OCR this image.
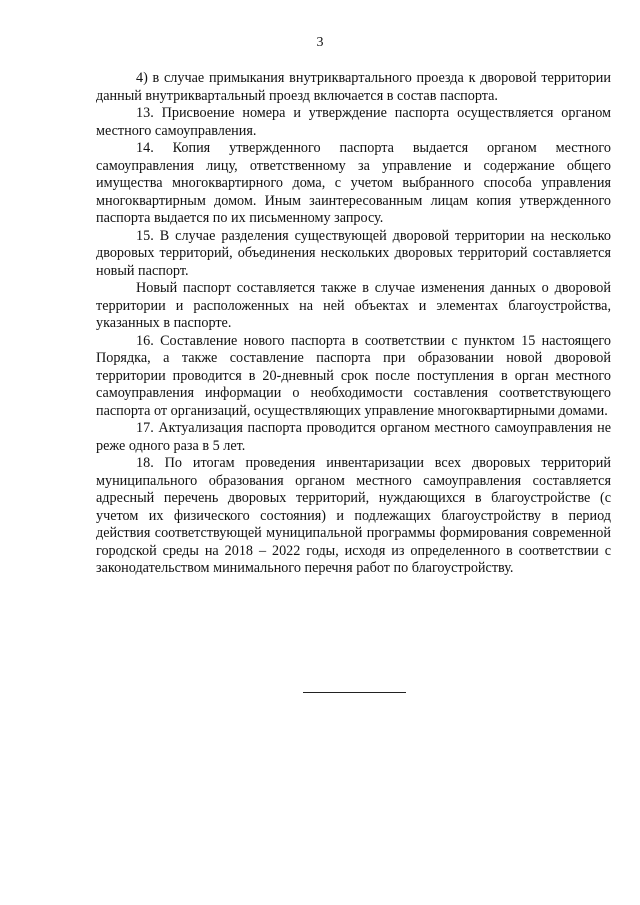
3

4) в случае примыкания внутриквартального проезда к дворовой территории данный внутриквартальный проезд включается в состав паспорта.

13. Присвоение номера и утверждение паспорта осуществляется органом местного самоуправления.

14. Копия утвержденного паспорта выдается органом местного самоуправления лицу, ответственному за управление и содержание общего имущества многоквартирного дома, с учетом выбранного способа управления многоквартирным домом. Иным заинтересованным лицам копия утвержденного паспорта выдается по их письменному запросу.

15. В случае разделения существующей дворовой территории на несколько дворовых территорий, объединения нескольких дворовых территорий составляется новый паспорт.

Новый паспорт составляется также в случае изменения данных о дворовой территории и расположенных на ней объектах и элементах благоустройства, указанных в паспорте.

16. Составление нового паспорта в соответствии с пунктом 15 настоящего Порядка, а также составление паспорта при образовании новой дворовой территории проводится в 20-дневный срок после поступления в орган местного самоуправления информации о необходимости составления соответствующего паспорта от организаций, осуществляющих управление многоквартирными домами.

17. Актуализация паспорта проводится органом местного самоуправления не реже одного раза в 5 лет.

18. По итогам проведения инвентаризации всех дворовых территорий муниципального образования органом местного самоуправления составляется адресный перечень дворовых территорий, нуждающихся в благоустройстве (с учетом их физического состояния) и подлежащих благоустройству в период действия соответствующей муниципальной программы формирования современной городской среды на 2018 – 2022 годы, исходя из определенного в соответствии с законодательством минимального перечня работ по благоустройству.
